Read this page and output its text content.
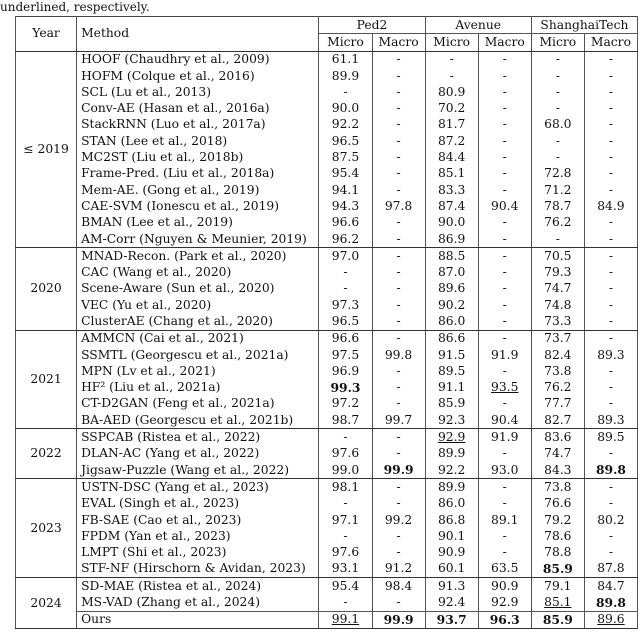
underlined, respectively.
Year	Method	Ped2		Avenue		ShanghaiTech	
		Micro	Macro	Micro	Macro	Micro	Macro
≤ 2019	HOOF (Chaudhry et al., 2009)	61.1	-	-	-	-	-
	HOFM (Colque et al., 2016)	89.9	-	-	-	-	-
	SCL (Lu et al., 2013)	-	-	80.9	-	-	-
	Conv-AE (Hasan et al., 2016a)	90.0	-	70.2	-	-	-
	StackRNN (Luo et al., 2017a)	92.2	-	81.7	-	68.0	-
	STAN (Lee et al., 2018)	96.5	-	87.2	-	-	-
	MC2ST (Liu et al., 2018b)	87.5	-	84.4	-	-	-
	Frame-Pred. (Liu et al., 2018a)	95.4	-	85.1	-	72.8	-
	Mem-AE. (Gong et al., 2019)	94.1	-	83.3	-	71.2	-
	CAE-SVM (Ionescu et al., 2019)	94.3	97.8	87.4	90.4	78.7	84.9
	BMAN (Lee et al., 2019)	96.6	-	90.0	-	76.2	-
	AM-Corr (Nguyen & Meunier, 2019)	96.2	-	86.9	-	-	-
2020	MNAD-Recon. (Park et al., 2020)	97.0	-	88.5	-	70.5	-
	CAC (Wang et al., 2020)	-	-	87.0	-	79.3	-
	Scene-Aware (Sun et al., 2020)	-	-	89.6	-	74.7	-
	VEC (Yu et al., 2020)	97.3	-	90.2	-	74.8	-
	ClusterAE (Chang et al., 2020)	96.5	-	86.0	-	73.3	-
2021	AMMCN (Cai et al., 2021)	96.6	-	86.6	-	73.7	-
	SSMTL (Georgescu et al., 2021a)	97.5	99.8	91.5	91.9	82.4	89.3
	MPN (Lv et al., 2021)	96.9	-	89.5	-	73.8	-
	HF² (Liu et al., 2021a)	99.3	-	91.1	93.5	76.2	-
	CT-D2GAN (Feng et al., 2021a)	97.2	-	85.9	-	77.7	-
	BA-AED (Georgescu et al., 2021b)	98.7	99.7	92.3	90.4	82.7	89.3
2022	SSPCAB (Ristea et al., 2022)	-	-	92.9	91.9	83.6	89.5
	DLAN-AC (Yang et al., 2022)	97.6	-	89.9	-	74.7	-
	Jigsaw-Puzzle (Wang et al., 2022)	99.0	99.9	92.2	93.0	84.3	89.8
2023	USTN-DSC (Yang et al., 2023)	98.1	-	89.9	-	73.8	-
	EVAL (Singh et al., 2023)	-	-	86.0	-	76.6	-
	FB-SAE (Cao et al., 2023)	97.1	99.2	86.8	89.1	79.2	80.2
	FPDM (Yan et al., 2023)	-	-	90.1	-	78.6	-
	LMPT (Shi et al., 2023)	97.6	-	90.9	-	78.8	-
	STF-NF (Hirschorn & Avidan, 2023)	93.1	91.2	60.1	63.5	85.9	87.8
2024	SD-MAE (Ristea et al., 2024)	95.4	98.4	91.3	90.9	79.1	84.7
	MS-VAD (Zhang et al., 2024)	-	-	92.4	92.9	85.1	89.8
	Ours	99.1	99.9	93.7	96.3	85.9	89.6
